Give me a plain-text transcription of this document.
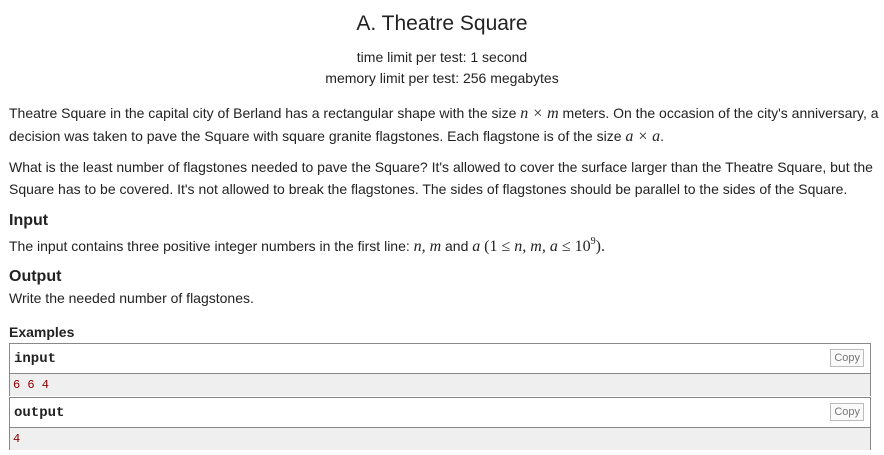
A. Theatre Square
time limit per test: 1 second
memory limit per test: 256 megabytes
Theatre Square in the capital city of Berland has a rectangular shape with the size n × m meters. On the occasion of the city's anniversary, a decision was taken to pave the Square with square granite flagstones. Each flagstone is of the size a × a.
What is the least number of flagstones needed to pave the Square? It's allowed to cover the surface larger than the Theatre Square, but the Square has to be covered. It's not allowed to break the flagstones. The sides of flagstones should be parallel to the sides of the Square.
Input
The input contains three positive integer numbers in the first line: n, m and a (1 ≤ n, m, $a \le 10^9$).
Output
Write the needed number of flagstones.
Examples
input	Copy
6 6 4
output	Copy
4
